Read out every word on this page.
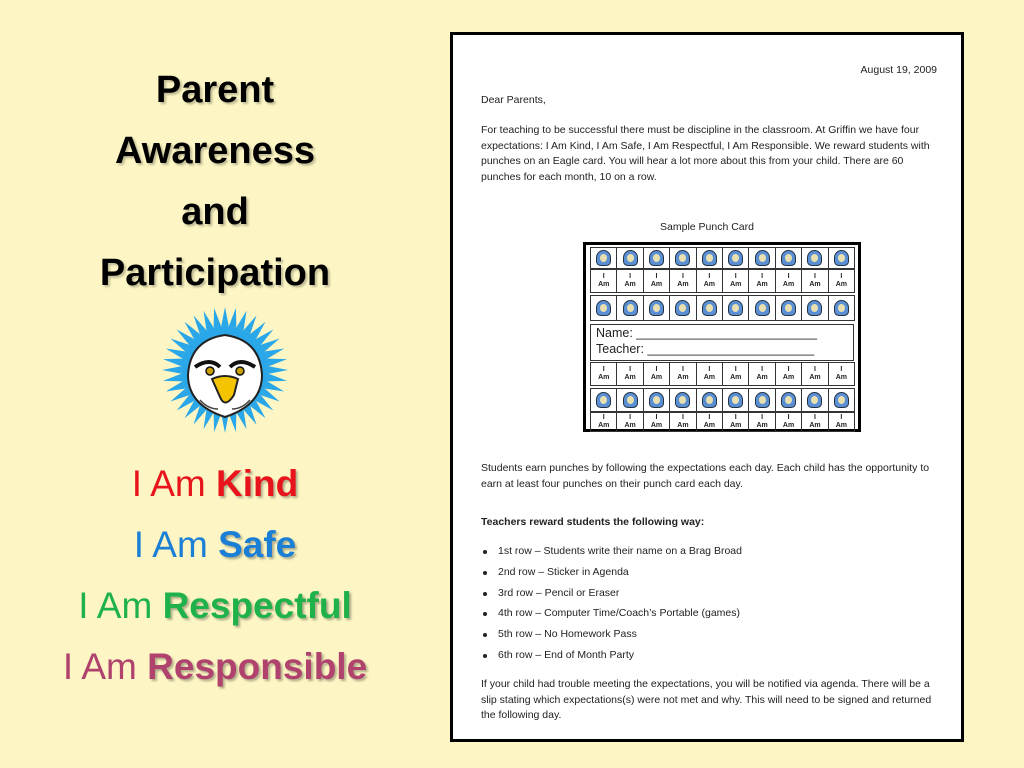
Parent
Awareness
and
Participation
I Am Kind
I Am Safe
I Am Respectful
I Am Responsible
August 19, 2009
Dear Parents,
For teaching to be successful there must be discipline in the classroom. At Griffin we have four expectations: I Am Kind, I Am Safe, I Am Respectful, I Am Responsible. We reward students with punches on an Eagle card. You will hear a lot more about this from your child. There are 60 punches for each month, 10 on a row.
Sample Punch Card
Name: __________________________
Teacher: ________________________
I
Am
I
Am
I
Am
I
Am
I
Am
I
Am
I
Am
I
Am
I
Am
I
Am
I
Am
I
Am
I
Am
I
Am
I
Am
I
Am
I
Am
I
Am
I
Am
I
Am
I
Am
I
Am
I
Am
I
Am
I
Am
I
Am
I
Am
I
Am
I
Am
I
Am
Students earn punches by following the expectations each day. Each child has the opportunity to earn at least four punches on their punch card each day.
Teachers reward students the following way:
1st row – Students write their name on a Brag Broad
2nd row – Sticker in Agenda
3rd row – Pencil or Eraser
4th row – Computer Time/Coach’s Portable (games)
5th row – No Homework Pass
6th row – End of Month Party
If your child had trouble meeting the expectations, you will be notified via agenda. There will be a slip stating which expectations(s) were not met and why. This will need to be signed and returned the following day.
